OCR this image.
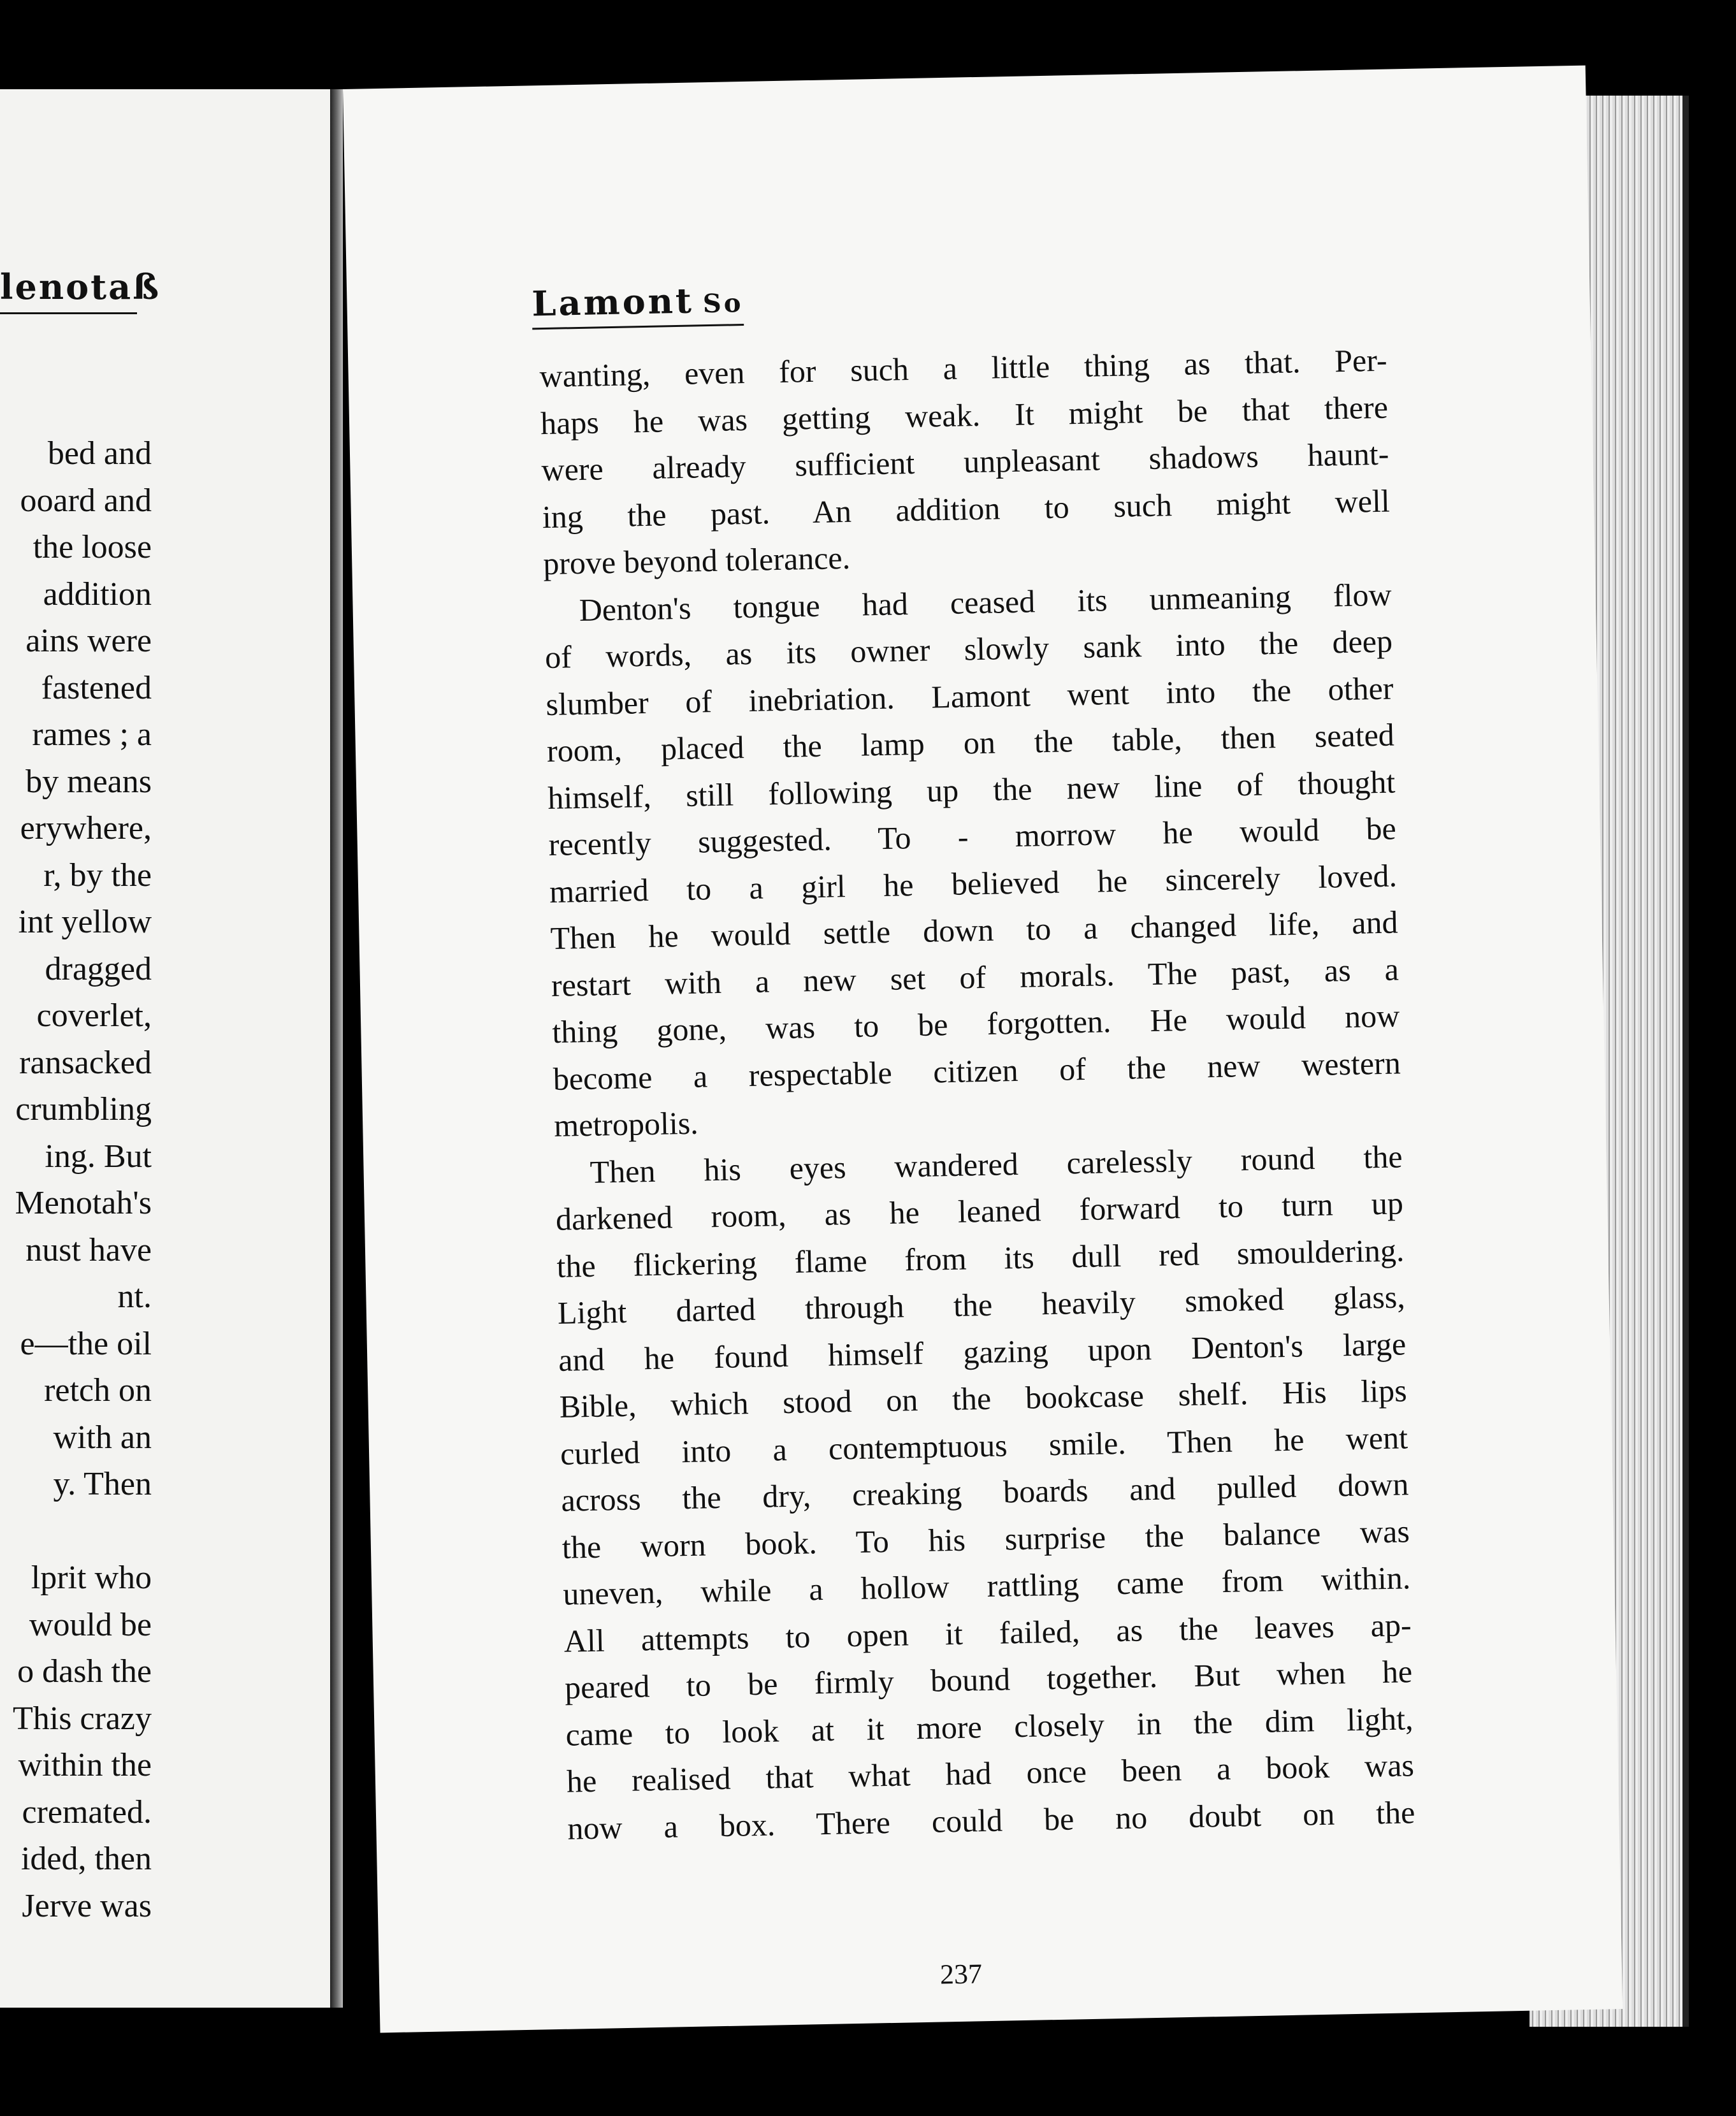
lenotaß
bed and
ooard and
the loose
addition
ains were
fastened
rames ; a
by means
erywhere,
r, by the
int yellow
dragged
coverlet,
ransacked
crumbling
ing. But
Menotah's
nust have
nt.
e—the oil
retch on
with an
y. Then
lprit who
would be
o dash the
This crazy
within the
cremated.
ided, then
Jerve was
Lamont So
wanting, even for such a little thing as that. Per-
haps he was getting weak. It might be that there
were already sufficient unpleasant shadows haunt-
ing the past. An addition to such might well
prove beyond tolerance.
Denton's tongue had ceased its unmeaning flow
of words, as its owner slowly sank into the deep
slumber of inebriation. Lamont went into the other
room, placed the lamp on the table, then seated
himself, still following up the new line of thought
recently suggested. To - morrow he would be
married to a girl he believed he sincerely loved.
Then he would settle down to a changed life, and
restart with a new set of morals. The past, as a
thing gone, was to be forgotten. He would now
become a respectable citizen of the new western
metropolis.
Then his eyes wandered carelessly round the
darkened room, as he leaned forward to turn up
the flickering flame from its dull red smouldering.
Light darted through the heavily smoked glass,
and he found himself gazing upon Denton's large
Bible, which stood on the bookcase shelf. His lips
curled into a contemptuous smile. Then he went
across the dry, creaking boards and pulled down
the worn book. To his surprise the balance was
uneven, while a hollow rattling came from within.
All attempts to open it failed, as the leaves ap-
peared to be firmly bound together. But when he
came to look at it more closely in the dim light,
he realised that what had once been a book was
now a box. There could be no doubt on the
237
